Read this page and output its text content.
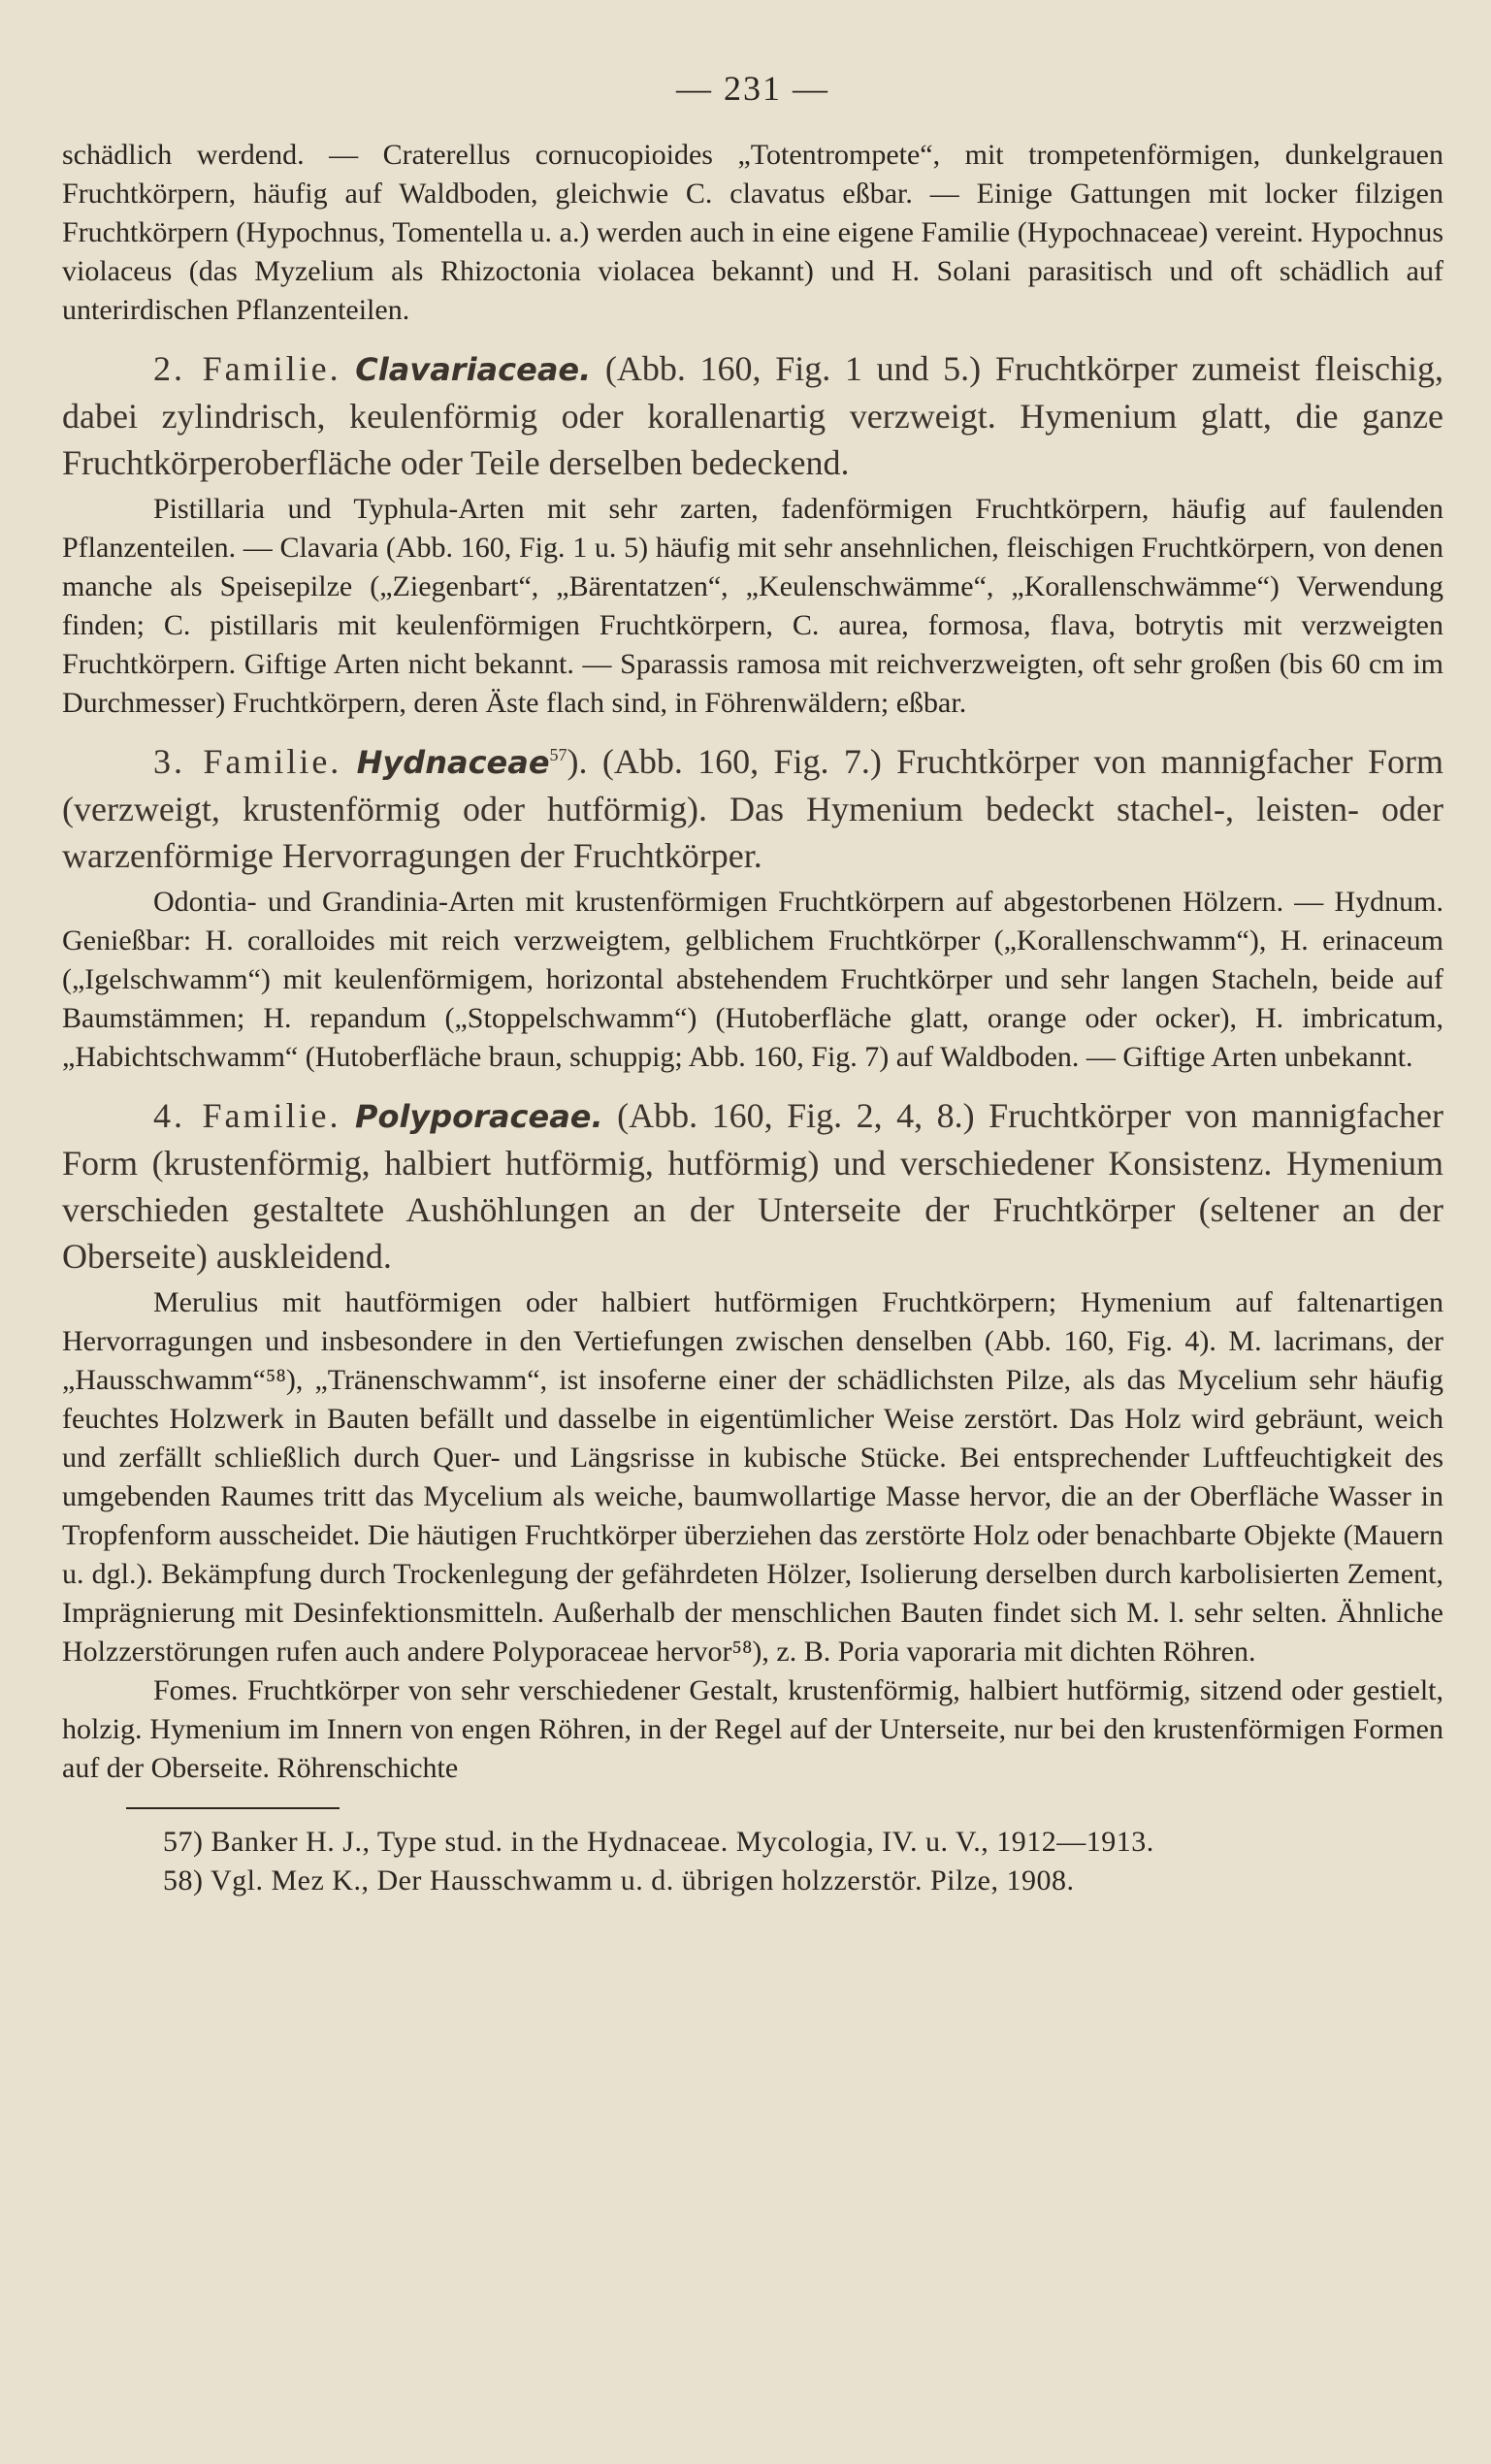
— 231 —

schädlich werdend. — Craterellus cornucopioides „Totentrompete“, mit trompetenförmigen, dunkelgrauen Fruchtkörpern, häufig auf Waldboden, gleichwie C. clavatus eßbar. — Einige Gattungen mit locker filzigen Fruchtkörpern (Hypochnus, Tomentella u. a.) werden auch in eine eigene Familie (Hypochnaceae) vereint. Hypochnus violaceus (das Myzelium als Rhizoctonia violacea bekannt) und H. Solani parasitisch und oft schädlich auf unterirdischen Pflanzenteilen.

2. Familie. Clavariaceae. (Abb. 160, Fig. 1 und 5.) Fruchtkörper zumeist fleischig, dabei zylindrisch, keulenförmig oder korallenartig verzweigt. Hymenium glatt, die ganze Fruchtkörperoberfläche oder Teile derselben bedeckend.

Pistillaria und Typhula-Arten mit sehr zarten, fadenförmigen Fruchtkörpern, häufig auf faulenden Pflanzenteilen. — Clavaria (Abb. 160, Fig. 1 u. 5) häufig mit sehr ansehnlichen, fleischigen Fruchtkörpern, von denen manche als Speisepilze („Ziegenbart“, „Bärentatzen“, „Keulenschwämme“, „Korallenschwämme“) Verwendung finden; C. pistillaris mit keulenförmigen Fruchtkörpern, C. aurea, formosa, flava, botrytis mit verzweigten Fruchtkörpern. Giftige Arten nicht bekannt. — Sparassis ramosa mit reichverzweigten, oft sehr großen (bis 60 cm im Durchmesser) Fruchtkörpern, deren Äste flach sind, in Föhrenwäldern; eßbar.

3. Familie. Hydnaceae$^{57}$). (Abb. 160, Fig. 7.) Fruchtkörper von mannigfacher Form (verzweigt, krustenförmig oder hutförmig). Das Hymenium bedeckt stachel-, leisten- oder warzenförmige Hervorragungen der Fruchtkörper.

Odontia- und Grandinia-Arten mit krustenförmigen Fruchtkörpern auf abgestorbenen Hölzern. — Hydnum. Genießbar: H. coralloides mit reich verzweigtem, gelblichem Fruchtkörper („Korallenschwamm“), H. erinaceum („Igelschwamm“) mit keulenförmigem, horizontal abstehendem Fruchtkörper und sehr langen Stacheln, beide auf Baumstämmen; H. repandum („Stoppelschwamm“) (Hutoberfläche glatt, orange oder ocker), H. imbricatum, „Habichtschwamm“ (Hutoberfläche braun, schuppig; Abb. 160, Fig. 7) auf Waldboden. — Giftige Arten unbekannt.

4. Familie. Polyporaceae. (Abb. 160, Fig. 2, 4, 8.) Fruchtkörper von mannigfacher Form (krustenförmig, halbiert hutförmig, hutförmig) und verschiedener Konsistenz. Hymenium verschieden gestaltete Aushöhlungen an der Unterseite der Fruchtkörper (seltener an der Oberseite) auskleidend.

Merulius mit hautförmigen oder halbiert hutförmigen Fruchtkörpern; Hymenium auf faltenartigen Hervorragungen und insbesondere in den Vertiefungen zwischen denselben (Abb. 160, Fig. 4). M. lacrimans, der „Hausschwamm“⁵⁸), „Tränenschwamm“, ist insoferne einer der schädlichsten Pilze, als das Mycelium sehr häufig feuchtes Holzwerk in Bauten befällt und dasselbe in eigentümlicher Weise zerstört. Das Holz wird gebräunt, weich und zerfällt schließlich durch Quer- und Längsrisse in kubische Stücke. Bei entsprechender Luftfeuchtigkeit des umgebenden Raumes tritt das Mycelium als weiche, baumwollartige Masse hervor, die an der Oberfläche Wasser in Tropfenform ausscheidet. Die häutigen Fruchtkörper überziehen das zerstörte Holz oder benachbarte Objekte (Mauern u. dgl.). Bekämpfung durch Trockenlegung der gefährdeten Hölzer, Isolierung derselben durch karbolisierten Zement, Imprägnierung mit Desinfektionsmitteln. Außerhalb der menschlichen Bauten findet sich M. l. sehr selten. Ähnliche Holzzerstörungen rufen auch andere Polyporaceae hervor⁵⁸), z. B. Poria vaporaria mit dichten Röhren.

Fomes. Fruchtkörper von sehr verschiedener Gestalt, krustenförmig, halbiert hutförmig, sitzend oder gestielt, holzig. Hymenium im Innern von engen Röhren, in der Regel auf der Unterseite, nur bei den krustenförmigen Formen auf der Oberseite. Röhrenschichte

57) Banker H. J., Type stud. in the Hydnaceae. Mycologia, IV. u. V., 1912—1913.

58) Vgl. Mez K., Der Hausschwamm u. d. übrigen holzzerstör. Pilze, 1908.
